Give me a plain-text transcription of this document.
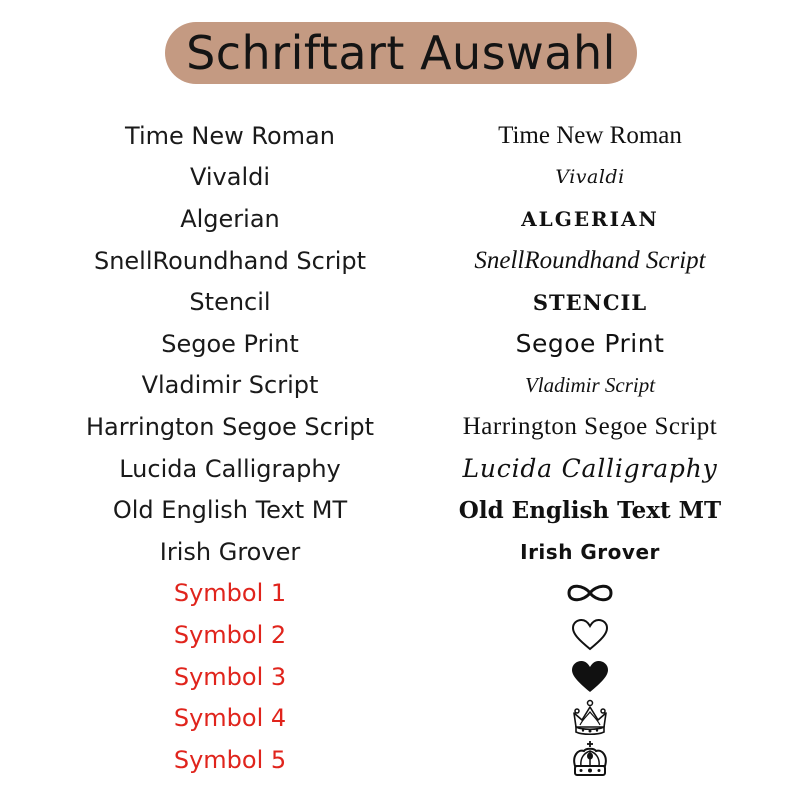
Schriftart Auswahl
Time New Roman	Time New Roman
Vivaldi	Vivaldi
Algerian	ALGERIAN
SnellRoundhand Script	SnellRoundhand Script
Stencil	STENCIL
Segoe Print	Segoe Print
Vladimir Script	Vladimir Script
Harrington Segoe Script	Harrington Segoe Script
Lucida Calligraphy	Lucida Calligraphy
Old English Text MT	Old English Text MT
Irish Grover	Irish Grover
Symbol 1
Symbol 2
Symbol 3
Symbol 4
Symbol 5
